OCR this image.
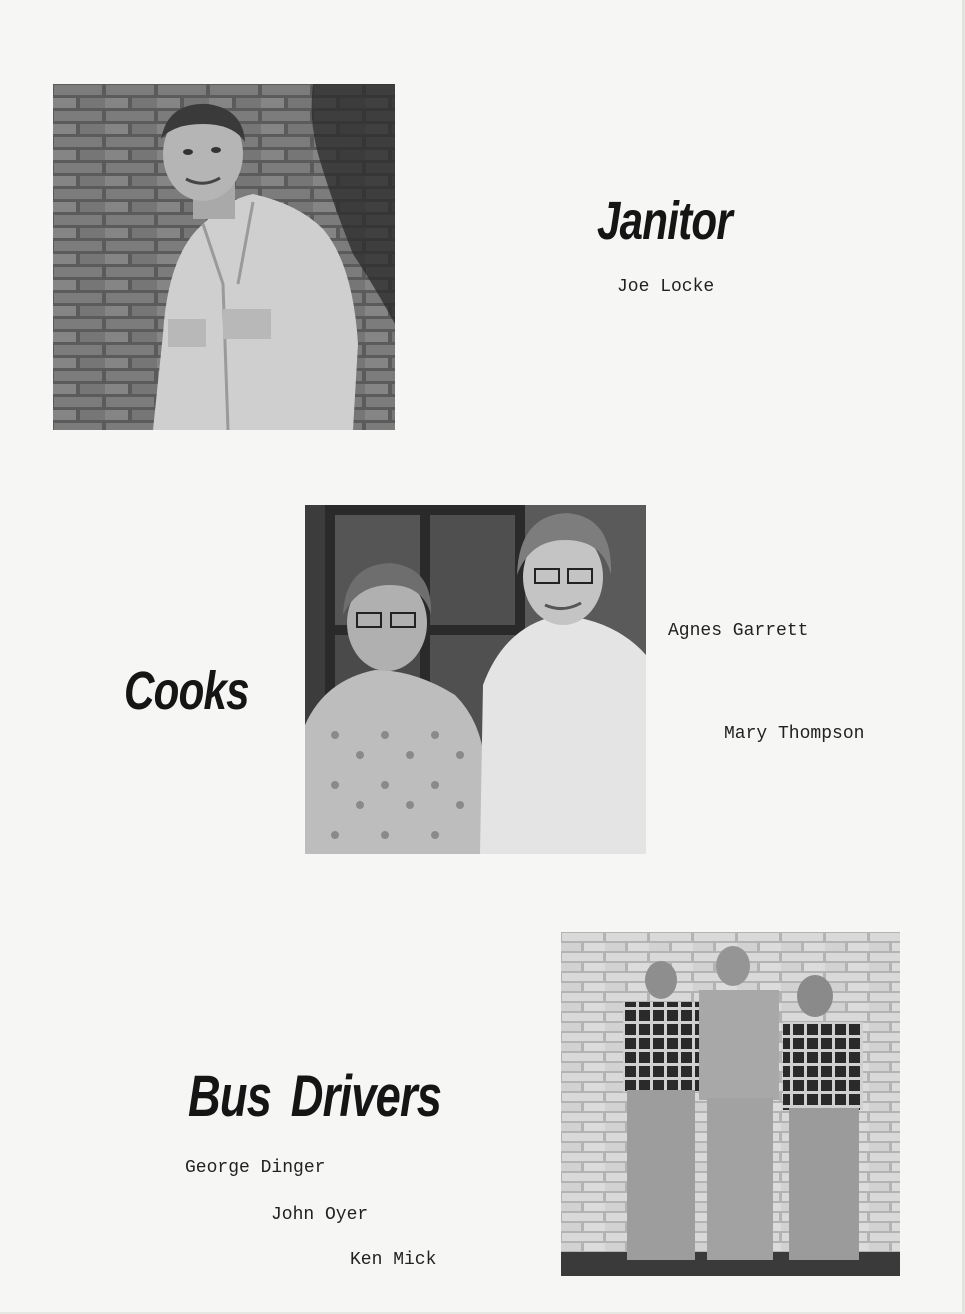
Janitor
Joe Locke
Cooks
Agnes Garrett
Mary Thompson
Bus Drivers
George Dinger
John Oyer
Ken Mick
